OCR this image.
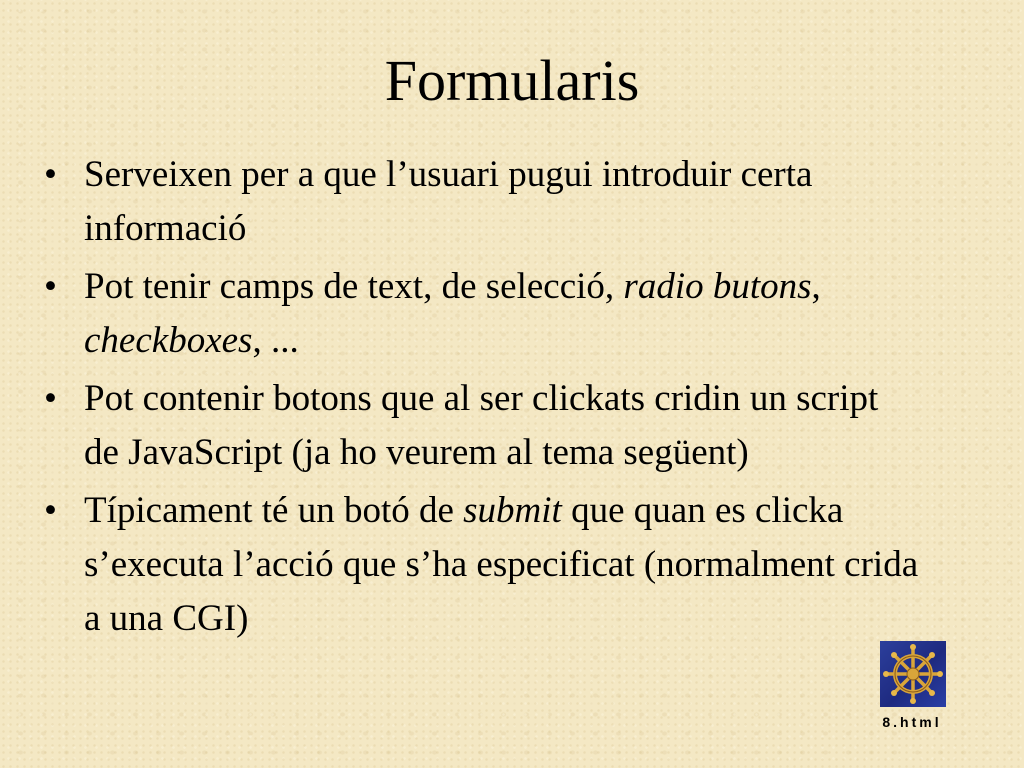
Formularis
• Serveixen per a que l’usuari pugui introduir certa informació
• Pot tenir camps de text, de selecció, radio butons, checkboxes, ...
• Pot contenir botons que al ser clickats cridin un script de JavaScript (ja ho veurem al tema següent)
• Típicament té un botó de submit que quan es clicka s’executa l’acció que s’ha especificat (normalment crida a una CGI)
8.html
